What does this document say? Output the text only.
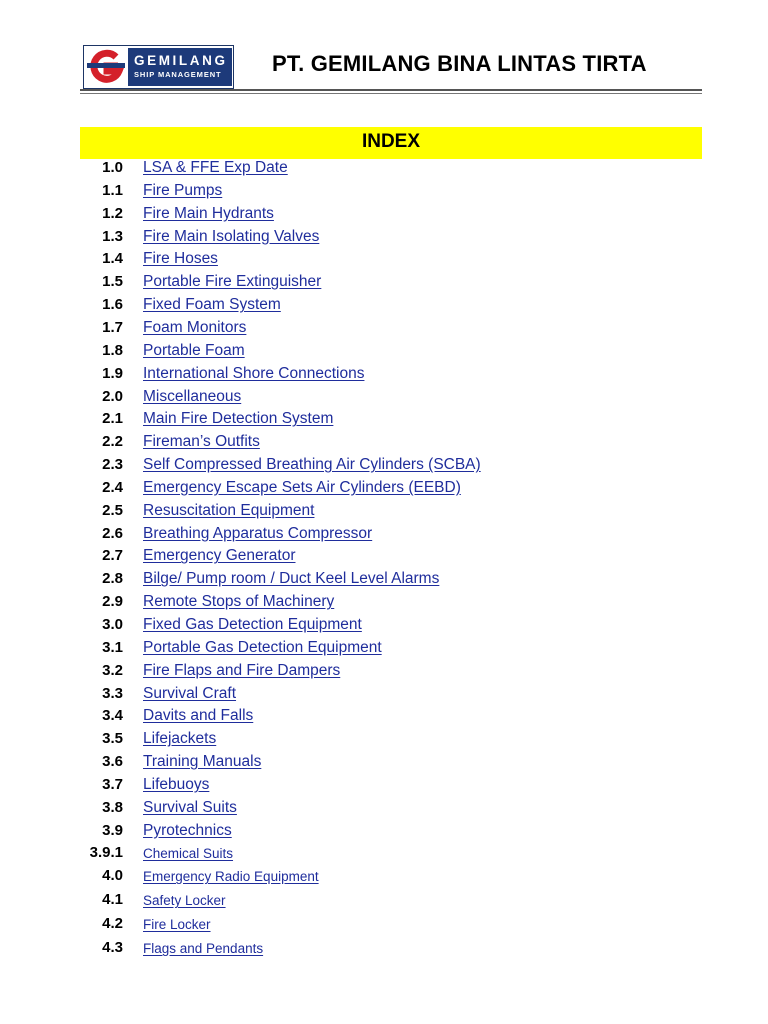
GEMILANG
SHIP MANAGEMENT PT. GEMILANG BINA LINTAS TIRTA
INDEX
1.0 LSA & FFE Exp Date
1.1 Fire Pumps
1.2 Fire Main Hydrants
1.3 Fire Main Isolating Valves
1.4 Fire Hoses
1.5 Portable Fire Extinguisher
1.6 Fixed Foam System
1.7 Foam Monitors
1.8 Portable Foam
1.9 International Shore Connections
2.0 Miscellaneous
2.1 Main Fire Detection System
2.2 Fireman’s Outfits
2.3 Self Compressed Breathing Air Cylinders (SCBA)
2.4 Emergency Escape Sets Air Cylinders (EEBD)
2.5 Resuscitation Equipment
2.6 Breathing Apparatus Compressor
2.7 Emergency Generator
2.8 Bilge/ Pump room / Duct Keel Level Alarms
2.9 Remote Stops of Machinery
3.0 Fixed Gas Detection Equipment
3.1 Portable Gas Detection Equipment
3.2 Fire Flaps and Fire Dampers
3.3 Survival Craft
3.4 Davits and Falls
3.5 Lifejackets
3.6 Training Manuals
3.7 Lifebuoys
3.8 Survival Suits
3.9 Pyrotechnics
3.9.1 Chemical Suits
4.0 Emergency Radio Equipment
4.1 Safety Locker
4.2 Fire Locker
4.3 Flags and Pendants
